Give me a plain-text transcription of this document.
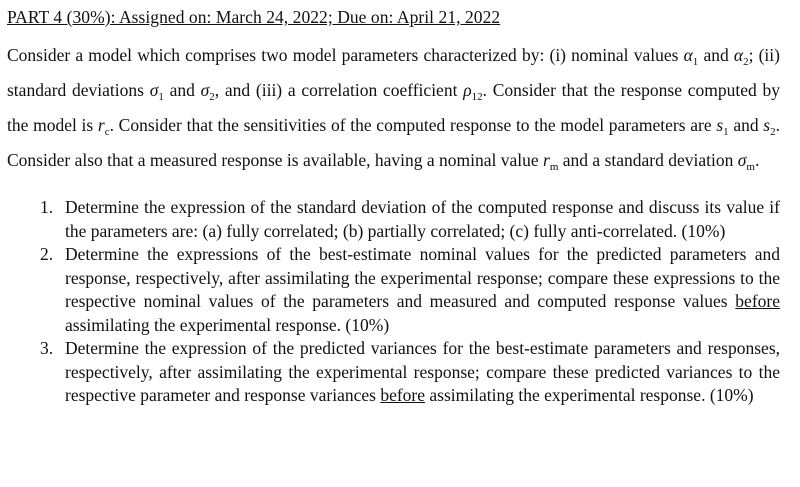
PART 4 (30%): Assigned on: March 24, 2022; Due on: April 21, 2022

Consider a model which comprises two model parameters characterized by: (i) nominal values $\alpha_1$ and $\alpha_2$; (ii) standard deviations $\sigma_1$ and $\sigma_2$, and (iii) a correlation coefficient $\rho_{12}$. Consider that the response computed by the model is $r_c$. Consider that the sensitivities of the computed response to the model parameters are $s_1$ and $s_2$. Consider also that a measured response is available, having a nominal value $r_m$ and a standard deviation $\sigma_m$.

1. Determine the expression of the standard deviation of the computed response and discuss its value if the parameters are: (a) fully correlated; (b) partially correlated; (c) fully anti-correlated. (10%)
2. Determine the expressions of the best-estimate nominal values for the predicted parameters and response, respectively, after assimilating the experimental response; compare these expressions to the respective nominal values of the parameters and measured and computed response values before assimilating the experimental response. (10%)
3. Determine the expression of the predicted variances for the best-estimate parameters and responses, respectively, after assimilating the experimental response; compare these predicted variances to the respective parameter and response variances before assimilating the experimental response. (10%)
